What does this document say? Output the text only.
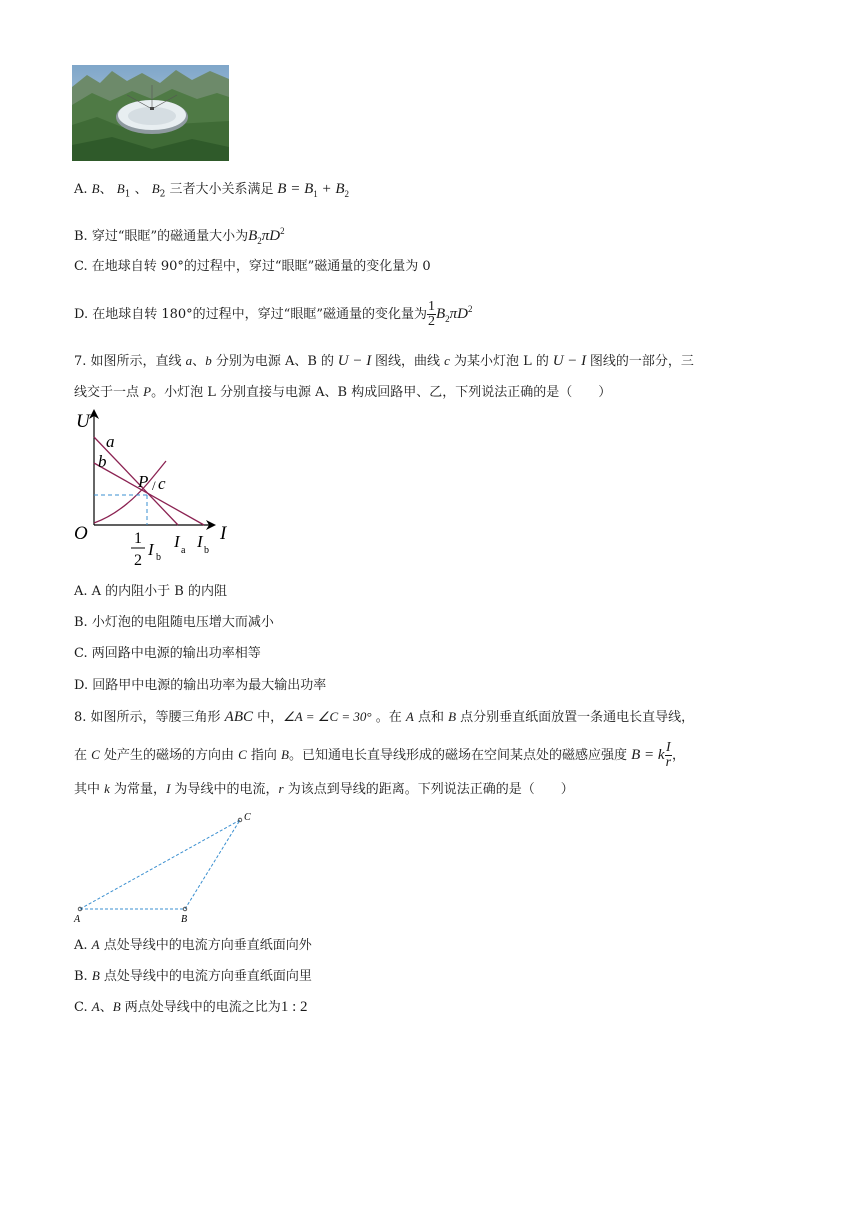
A. B、 $B_1$ 、 $B_2$ 三者大小关系满足 $B = B_1 + B_2$
B. 穿过“眼眶”的磁通量大小为$B_2\pi D^2$
C. 在地球自转 90°的过程中，穿过“眼眶”磁通量的变化量为 0
D. 在地球自转 180°的过程中，穿过“眼眶”磁通量的变化量为 $\frac{1}{2} B_2\pi D^2$
7. 如图所示，直线 a、b 分别为电源 A、B 的 U − I 图线，曲线 c 为某小灯泡 L 的 U − I 图线的一部分，三
线交于一点 P。小灯泡 L 分别直接与电源 A、B 构成回路甲、乙，下列说法正确的是（　　）
U
a
b
P / c
O	I
1
2
I b
I a I b
A. A 的内阻小于 B 的内阻
B. 小灯泡的电阻随电压增大而减小
C. 两回路中电源的输出功率相等
D. 回路甲中电源的输出功率为最大输出功率
8. 如图所示，等腰三角形 ABC 中，∠A = ∠C = 30° 。在 A 点和 B 点分别垂直纸面放置一条通电长直导线，
在 C 处产生的磁场的方向由 C 指向 B。已知通电长直导线形成的磁场在空间某点处的磁感应强度 B = k $\frac{I}{r}$ ，
其中 k 为常量，I 为导线中的电流，r 为该点到导线的距离。下列说法正确的是（　　）
A	B
C
A. A 点处导线中的电流方向垂直纸面向外
B. B 点处导线中的电流方向垂直纸面向里
C. A、B 两点处导线中的电流之比为1 : 2
